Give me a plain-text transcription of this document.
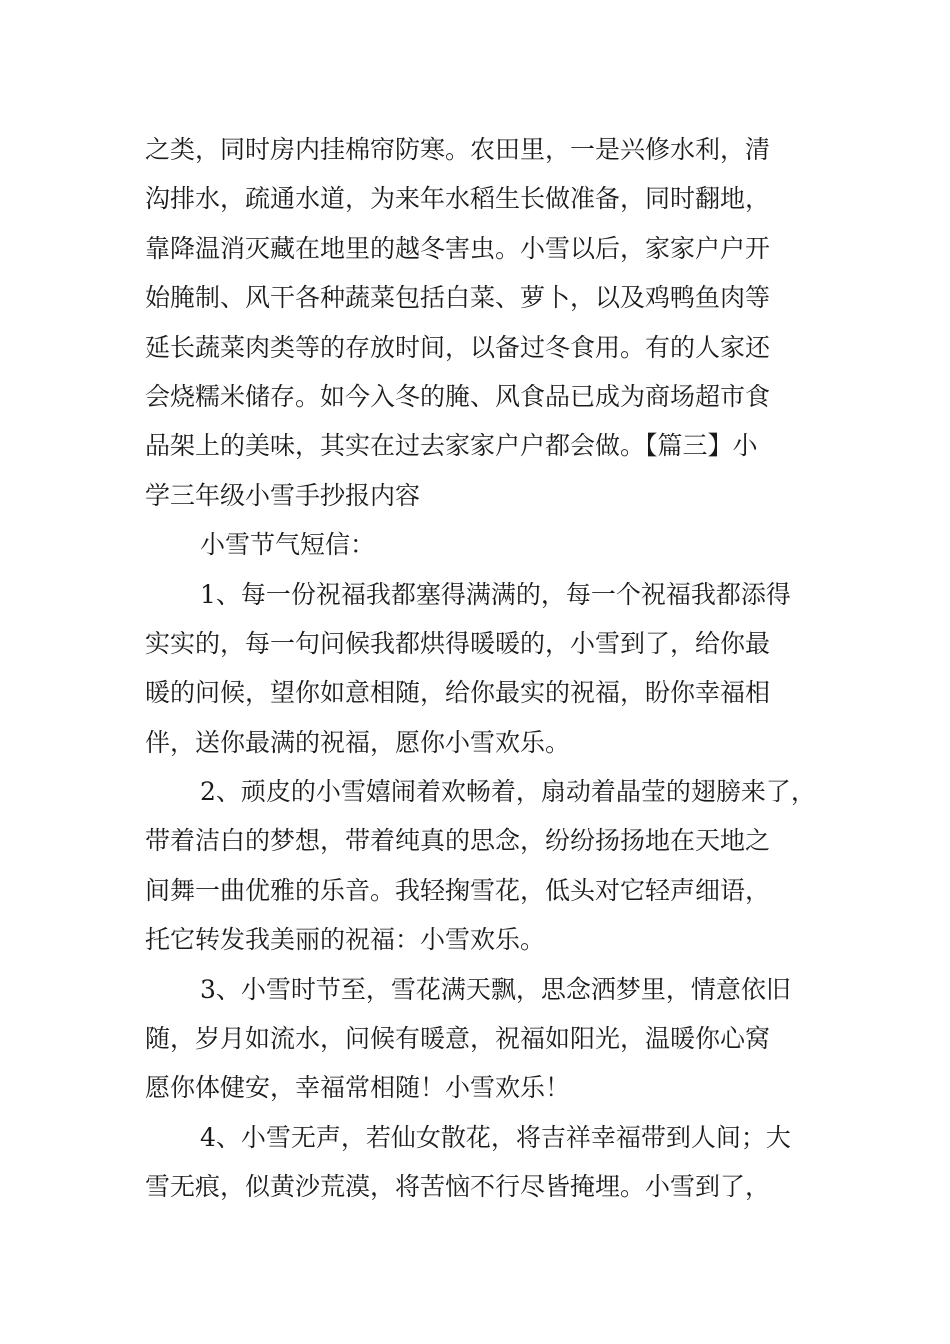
之类，同时房内挂棉帘防寒。农田里，一是兴修水利，清
沟排水，疏通水道，为来年水稻生长做准备，同时翻地，
靠降温消灭藏在地里的越冬害虫。小雪以后，家家户户开
始腌制、风干各种蔬菜包括白菜、萝卜，以及鸡鸭鱼肉等
延长蔬菜肉类等的存放时间，以备过冬食用。有的人家还
会烧糯米储存。如今入冬的腌、风食品已成为商场超市食
品架上的美味，其实在过去家家户户都会做。【篇三】小
学三年级小雪手抄报内容
小雪节气短信：
1、每一份祝福我都塞得满满的，每一个祝福我都添得
实实的，每一句问候我都烘得暖暖的，小雪到了，给你最
暖的问候，望你如意相随，给你最实的祝福，盼你幸福相
伴，送你最满的祝福，愿你小雪欢乐。
2、顽皮的小雪嬉闹着欢畅着，扇动着晶莹的翅膀来了，
带着洁白的梦想，带着纯真的思念，纷纷扬扬地在天地之
间舞一曲优雅的乐音。我轻掬雪花，低头对它轻声细语，
托它转发我美丽的祝福：小雪欢乐。
3、小雪时节至，雪花满天飘，思念洒梦里，情意依旧
随，岁月如流水，问候有暖意，祝福如阳光，温暖你心窝
愿你体健安，幸福常相随！小雪欢乐！
4、小雪无声，若仙女散花，将吉祥幸福带到人间；大
雪无痕，似黄沙荒漠，将苦恼不行尽皆掩埋。小雪到了，
